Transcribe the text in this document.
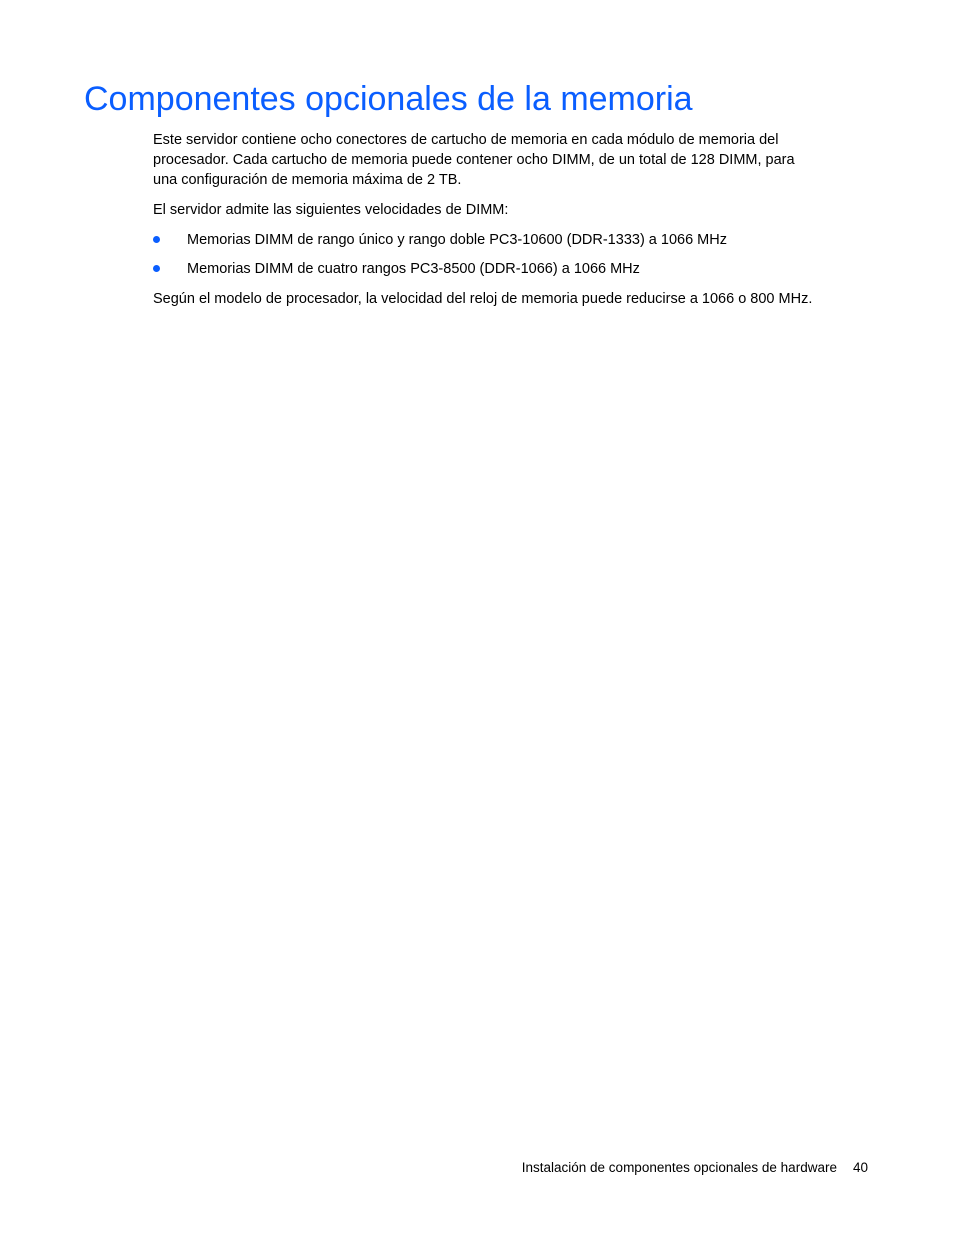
Componentes opcionales de la memoria

Este servidor contiene ocho conectores de cartucho de memoria en cada módulo de memoria del
procesador. Cada cartucho de memoria puede contener ocho DIMM, de un total de 128 DIMM, para
una configuración de memoria máxima de 2 TB.

El servidor admite las siguientes velocidades de DIMM:

Memorias DIMM de rango único y rango doble PC3-10600 (DDR-1333) a 1066 MHz
Memorias DIMM de cuatro rangos PC3-8500 (DDR-1066) a 1066 MHz

Según el modelo de procesador, la velocidad del reloj de memoria puede reducirse a 1066 o 800 MHz.

Instalación de componentes opcionales de hardware 40
